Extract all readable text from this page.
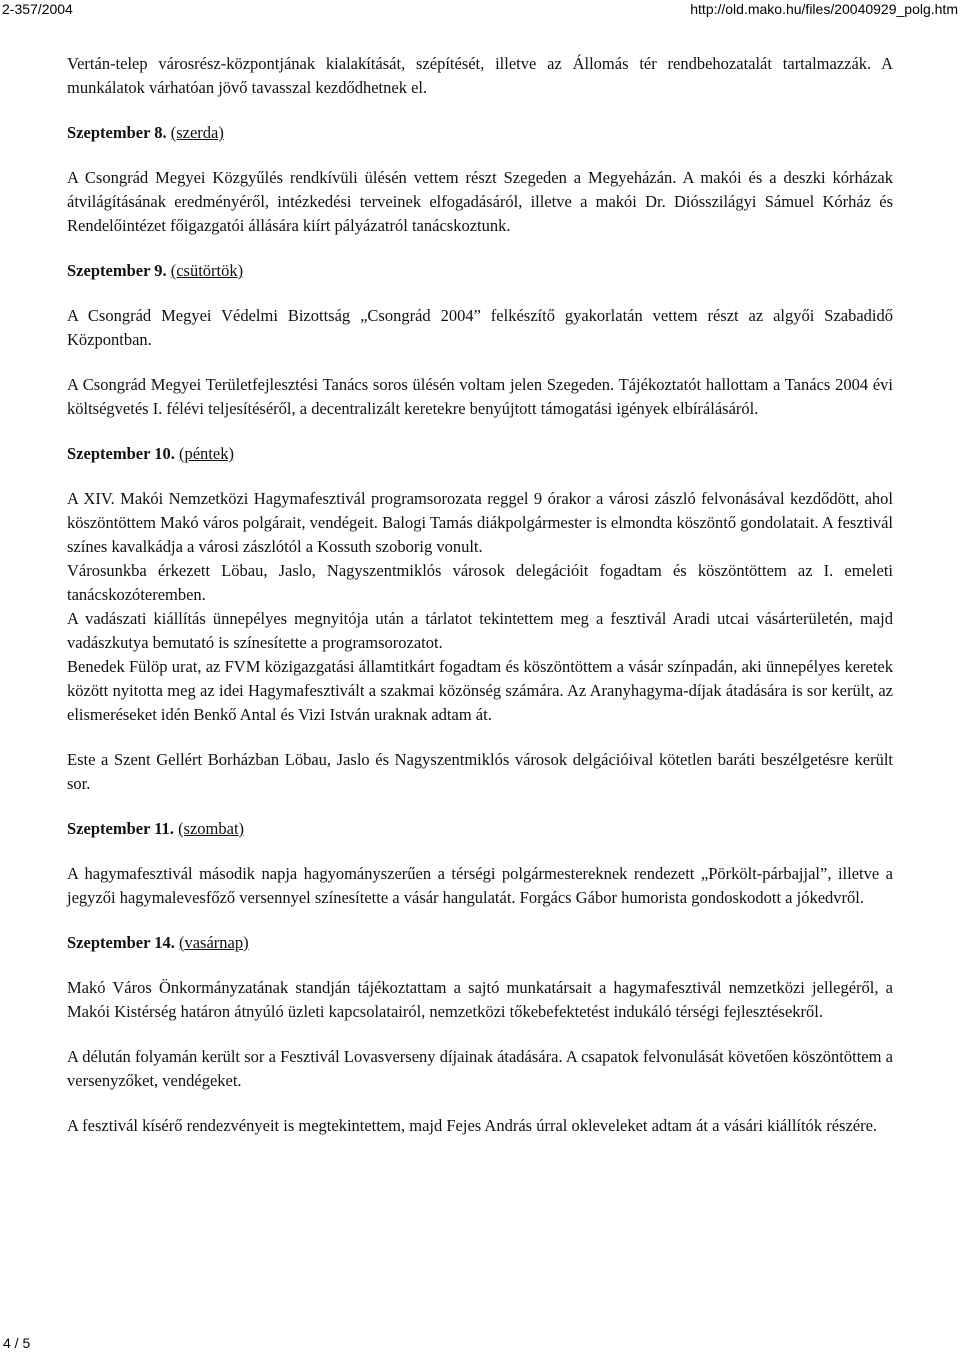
2-357/2004	http://old.mako.hu/files/20040929_polg.htm

Vertán-telep városrész-központjának kialakítását, szépítését, illetve az Állomás tér rendbehozatalát tartalmazzák. A munkálatok várhatóan jövő tavasszal kezdődhetnek el.

Szeptember 8. (szerda)

A Csongrád Megyei Közgyűlés rendkívüli ülésén vettem részt Szegeden a Megyeházán. A makói és a deszki kórházak átvilágításának eredményéről, intézkedési terveinek elfogadásáról, illetve a makói Dr. Diósszilágyi Sámuel Kórház és Rendelőintézet főigazgatói állására kiírt pályázatról tanácskoztunk.

Szeptember 9. (csütörtök)

A Csongrád Megyei Védelmi Bizottság „Csongrád 2004” felkészítő gyakorlatán vettem részt az algyői Szabadidő Központban.

A Csongrád Megyei Területfejlesztési Tanács soros ülésén voltam jelen Szegeden. Tájékoztatót hallottam a Tanács 2004 évi költségvetés I. félévi teljesítéséről, a decentralizált keretekre benyújtott támogatási igények elbírálásáról.

Szeptember 10. (péntek)

A XIV. Makói Nemzetközi Hagymafesztivál programsorozata reggel 9 órakor a városi zászló felvonásával kezdődött, ahol köszöntöttem Makó város polgárait, vendégeit. Balogi Tamás diákpolgármester is elmondta köszöntő gondolatait. A fesztivál színes kavalkádja a városi zászlótól a Kossuth szoborig vonult.

Városunkba érkezett Löbau, Jaslo, Nagyszentmiklós városok delegációit fogadtam és köszöntöttem az I. emeleti tanácskozóteremben.

A vadászati kiállítás ünnepélyes megnyitója után a tárlatot tekintettem meg a fesztivál Aradi utcai vásárterületén, majd vadászkutya bemutató is színesítette a programsorozatot.

Benedek Fülöp urat, az FVM közigazgatási államtitkárt fogadtam és köszöntöttem a vásár színpadán, aki ünnepélyes keretek között nyitotta meg az idei Hagymafesztivált a szakmai közönség számára. Az Aranyhagyma-díjak átadására is sor került, az elismeréseket idén Benkő Antal és Vizi István uraknak adtam át.

Este a Szent Gellért Borházban Löbau, Jaslo és Nagyszentmiklós városok delgációival kötetlen baráti beszélgetésre került sor.

Szeptember 11. (szombat)

A hagymafesztivál második napja hagyományszerűen a térségi polgármestereknek rendezett „Pörkölt-párbajjal”, illetve a jegyzői hagymalevesfőző versennyel színesítette a vásár hangulatát. Forgács Gábor humorista gondoskodott a jókedvről.

Szeptember 14. (vasárnap)

Makó Város Önkormányzatának standján tájékoztattam a sajtó munkatársait a hagymafesztivál nemzetközi jellegéről, a Makói Kistérség határon átnyúló üzleti kapcsolatairól, nemzetközi tőkebefektetést indukáló térségi fejlesztésekről.

A délután folyamán került sor a Fesztivál Lovasverseny díjainak átadására. A csapatok felvonulását követően köszöntöttem a versenyzőket, vendégeket.

A fesztivál kísérő rendezvényeit is megtekintettem, majd Fejes András úrral okleveleket adtam át a vásári kiállítók részére.

4 / 5
